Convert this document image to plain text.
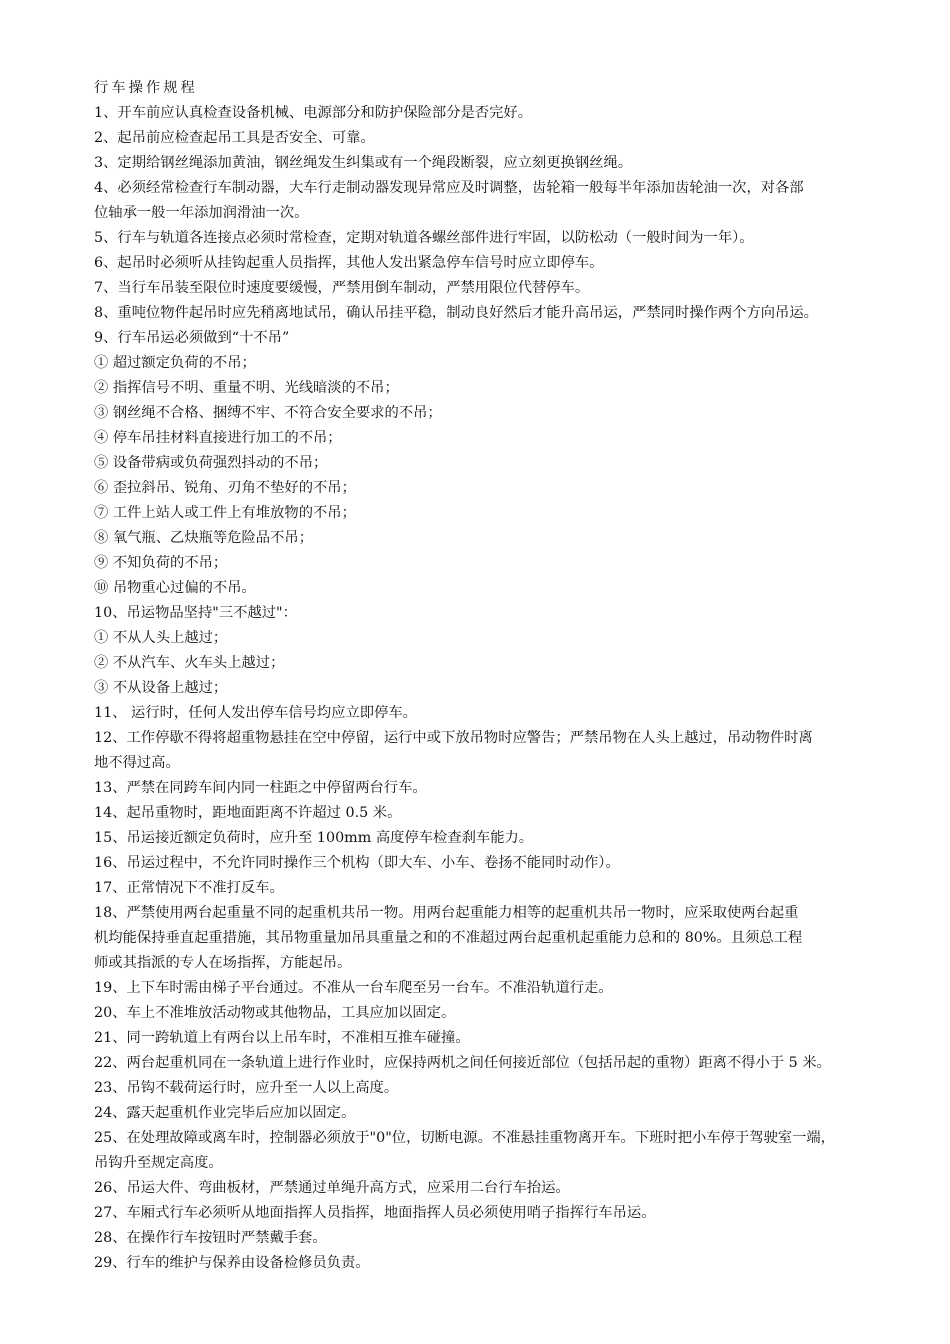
行车操作规程
1、开车前应认真检查设备机械、电源部分和防护保险部分是否完好。
2、起吊前应检查起吊工具是否安全、可靠。
3、定期给钢丝绳添加黄油，钢丝绳发生纠集或有一个绳段断裂，应立刻更换钢丝绳。
4、必须经常检查行车制动器，大车行走制动器发现异常应及时调整，齿轮箱一般每半年添加齿轮油一次，对各部
位轴承一般一年添加润滑油一次。
5、行车与轨道各连接点必须时常检查，定期对轨道各螺丝部件进行牢固，以防松动（一般时间为一年）。
6、起吊时必须听从挂钩起重人员指挥，其他人发出紧急停车信号时应立即停车。
7、当行车吊装至限位时速度要缓慢，严禁用倒车制动，严禁用限位代替停车。
8、重吨位物件起吊时应先稍离地试吊，确认吊挂平稳，制动良好然后才能升高吊运，严禁同时操作两个方向吊运。
9、行车吊运必须做到“十不吊”
① 超过额定负荷的不吊；
② 指挥信号不明、重量不明、光线暗淡的不吊；
③ 钢丝绳不合格、捆缚不牢、不符合安全要求的不吊；
④ 停车吊挂材料直接进行加工的不吊；
⑤ 设备带病或负荷强烈抖动的不吊；
⑥ 歪拉斜吊、锐角、刃角不垫好的不吊；
⑦ 工件上站人或工件上有堆放物的不吊；
⑧ 氧气瓶、乙炔瓶等危险品不吊；
⑨ 不知负荷的不吊；
⑩ 吊物重心过偏的不吊。
10、吊运物品坚持"三不越过"：
① 不从人头上越过；
② 不从汽车、火车头上越过；
③ 不从设备上越过；
11、 运行时，任何人发出停车信号均应立即停车。
12、工作停歇不得将超重物悬挂在空中停留，运行中或下放吊物时应警告；严禁吊物在人头上越过，吊动物件时离
地不得过高。
13、严禁在同跨车间内同一柱距之中停留两台行车。
14、起吊重物时，距地面距离不许超过 0.5 米。
15、吊运接近额定负荷时，应升至 100mm 高度停车检查刹车能力。
16、吊运过程中，不允许同时操作三个机构（即大车、小车、卷扬不能同时动作）。
17、正常情况下不准打反车。
18、严禁使用两台起重量不同的起重机共吊一物。用两台起重能力相等的起重机共吊一物时，应采取使两台起重
机均能保持垂直起重措施，其吊物重量加吊具重量之和的不准超过两台起重机起重能力总和的 80%。且须总工程
师或其指派的专人在场指挥，方能起吊。
19、上下车时需由梯子平台通过。不准从一台车爬至另一台车。不准沿轨道行走。
20、车上不准堆放活动物或其他物品，工具应加以固定。
21、同一跨轨道上有两台以上吊车时，不准相互推车碰撞。
22、两台起重机同在一条轨道上进行作业时，应保持两机之间任何接近部位（包括吊起的重物）距离不得小于 5 米。
23、吊钩不载荷运行时，应升至一人以上高度。
24、露天起重机作业完毕后应加以固定。
25、在处理故障或离车时，控制器必须放于"0"位，切断电源。不准悬挂重物离开车。下班时把小车停于驾驶室一端，
吊钩升至规定高度。
26、吊运大件、弯曲板材，严禁通过单绳升高方式，应采用二台行车抬运。
27、车厢式行车必须听从地面指挥人员指挥，地面指挥人员必须使用哨子指挥行车吊运。
28、在操作行车按钮时严禁戴手套。
29、行车的维护与保养由设备检修员负责。
